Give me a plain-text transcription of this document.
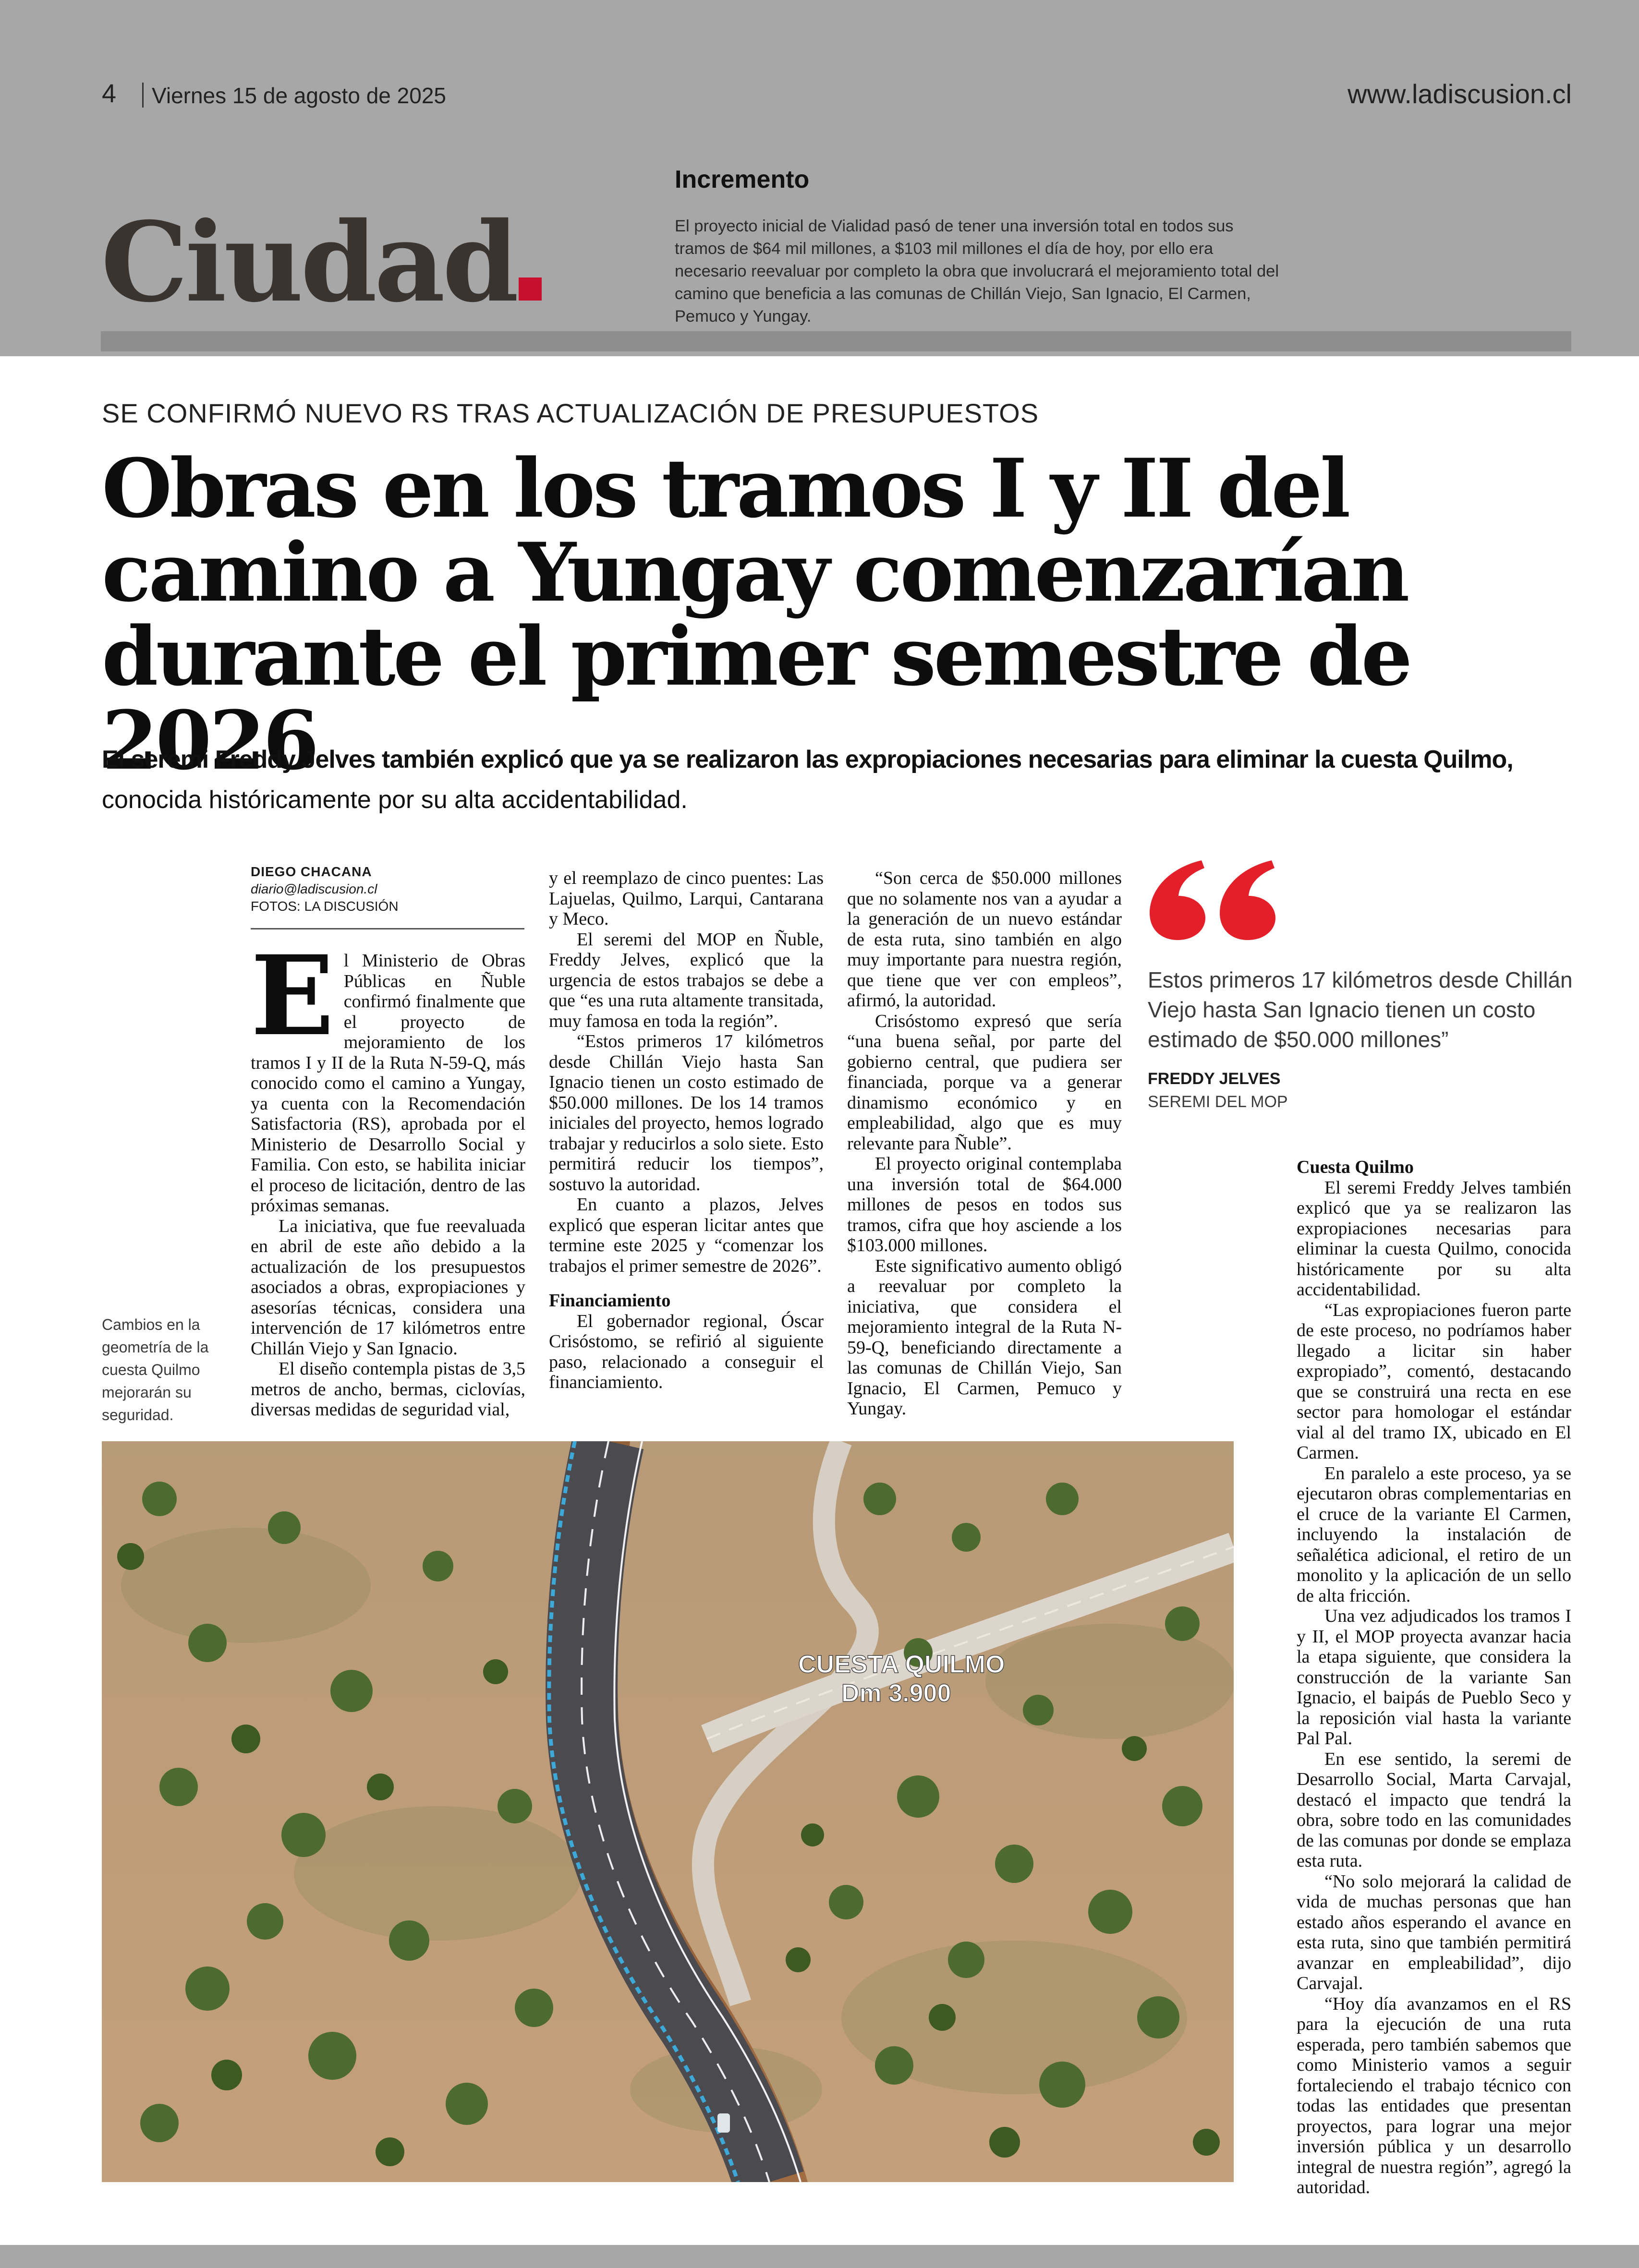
4 Viernes 15 de agosto de 2025	www.ladiscusion.cl
Ciudad
Incremento
El proyecto inicial de Vialidad pasó de tener una inversión total en todos sus tramos de $64 mil millones, a $103 mil millones el día de hoy, por ello era necesario reevaluar por completo la obra que involucrará el mejoramiento total del camino que beneficia a las comunas de Chillán Viejo, San Ignacio, El Carmen, Pemuco y Yungay.
SE CONFIRMÓ NUEVO RS TRAS ACTUALIZACIÓN DE PRESUPUESTOS
Obras en los tramos I y II del camino a Yungay comenzarían durante el primer semestre de 2026
El seremi Freddy Jelves también explicó que ya se realizaron las expropiaciones necesarias para eliminar la cuesta Quilmo, conocida históricamente por su alta accidentabilidad.
DIEGO CHACANA
diario@ladiscusion.cl
FOTOS: LA DISCUSIÓN
E l Ministerio de Obras Públicas en Ñuble confirmó finalmente que el proyecto de mejoramiento de los tramos I y II de la Ruta N-59-Q, más conocido como el camino a Yungay, ya cuenta con la Recomendación Satisfactoria (RS), aprobada por el Ministerio de Desarrollo Social y Familia. Con esto, se habilita iniciar el proceso de licitación, dentro de las próximas semanas.

La iniciativa, que fue reevaluada en abril de este año debido a la actualización de los presupuestos asociados a obras, expropiaciones y asesorías técnicas, considera una intervención de 17 kilómetros entre Chillán Viejo y San Ignacio.

El diseño contempla pistas de 3,5 metros de ancho, bermas, ciclovías, diversas medidas de seguridad vial,

y el reemplazo de cinco puentes: Las Lajuelas, Quilmo, Larqui, Cantarana y Meco.

El seremi del MOP en Ñuble, Freddy Jelves, explicó que la urgencia de estos trabajos se debe a que “es una ruta altamente transitada, muy famosa en toda la región”.

“Estos primeros 17 kilómetros desde Chillán Viejo hasta San Ignacio tienen un costo estimado de $50.000 millones. De los 14 tramos iniciales del proyecto, hemos logrado trabajar y reducirlos a solo siete. Esto permitirá reducir los tiempos”, sostuvo la autoridad.

En cuanto a plazos, Jelves explicó que esperan licitar antes que termine este 2025 y “comenzar los trabajos el primer semestre de 2026”.

Financiamiento

El gobernador regional, Óscar Crisóstomo, se refirió al siguiente paso, relacionado a conseguir el financiamiento.

“Son cerca de $50.000 millones que no solamente nos van a ayudar a la generación de un nuevo estándar de esta ruta, sino también en algo muy importante para nuestra región, que tiene que ver con empleos”, afirmó, la autoridad.

Crisóstomo expresó que sería “una buena señal, por parte del gobierno central, que pudiera ser financiada, porque va a generar dinamismo económico y en empleabilidad, algo que es muy relevante para Ñuble”.

El proyecto original contemplaba una inversión total de $64.000 millones de pesos en todos sus tramos, cifra que hoy asciende a los $103.000 millones.

Este significativo aumento obligó a reevaluar por completo la iniciativa, que considera el mejoramiento integral de la Ruta N-59-Q, beneficiando directamente a las comunas de Chillán Viejo, San Ignacio, El Carmen, Pemuco y Yungay.

Cuesta Quilmo

El seremi Freddy Jelves también explicó que ya se realizaron las expropiaciones necesarias para eliminar la cuesta Quilmo, conocida históricamente por su alta accidentabilidad.

“Las expropiaciones fueron parte de este proceso, no podríamos haber llegado a licitar sin haber expropiado”, comentó, destacando que se construirá una recta en ese sector para homologar el estándar vial al del tramo IX, ubicado en El Carmen.

En paralelo a este proceso, ya se ejecutaron obras complementarias en el cruce de la variante El Carmen, incluyendo la instalación de señalética adicional, el retiro de un monolito y la aplicación de un sello de alta fricción.

Una vez adjudicados los tramos I y II, el MOP proyecta avanzar hacia la etapa siguiente, que considera la construcción de la variante San Ignacio, el baipás de Pueblo Seco y la reposición vial hasta la variante Pal Pal.

En ese sentido, la seremi de Desarrollo Social, Marta Carvajal, destacó el impacto que tendrá la obra, sobre todo en las comunidades de las comunas por donde se emplaza esta ruta.

“No solo mejorará la calidad de vida de muchas personas que han estado años esperando el avance en esta ruta, sino que también permitirá avanzar en empleabilidad”, dijo Carvajal.

“Hoy día avanzamos en el RS para la ejecución de una ruta esperada, pero también sabemos que como Ministerio vamos a seguir fortaleciendo el trabajo técnico con todas las entidades que presentan proyectos, para lograr una mejor inversión pública y un desarrollo integral de nuestra región”, agregó la autoridad.

Cambios en la geometría de la cuesta Quilmo mejorarán su seguridad.
Estos primeros 17 kilómetros desde Chillán Viejo hasta San Ignacio tienen un costo estimado de $50.000 millones”
FREDDY JELVES
SEREMI DEL MOP
CUESTA QUILMO
Dm 3.900
